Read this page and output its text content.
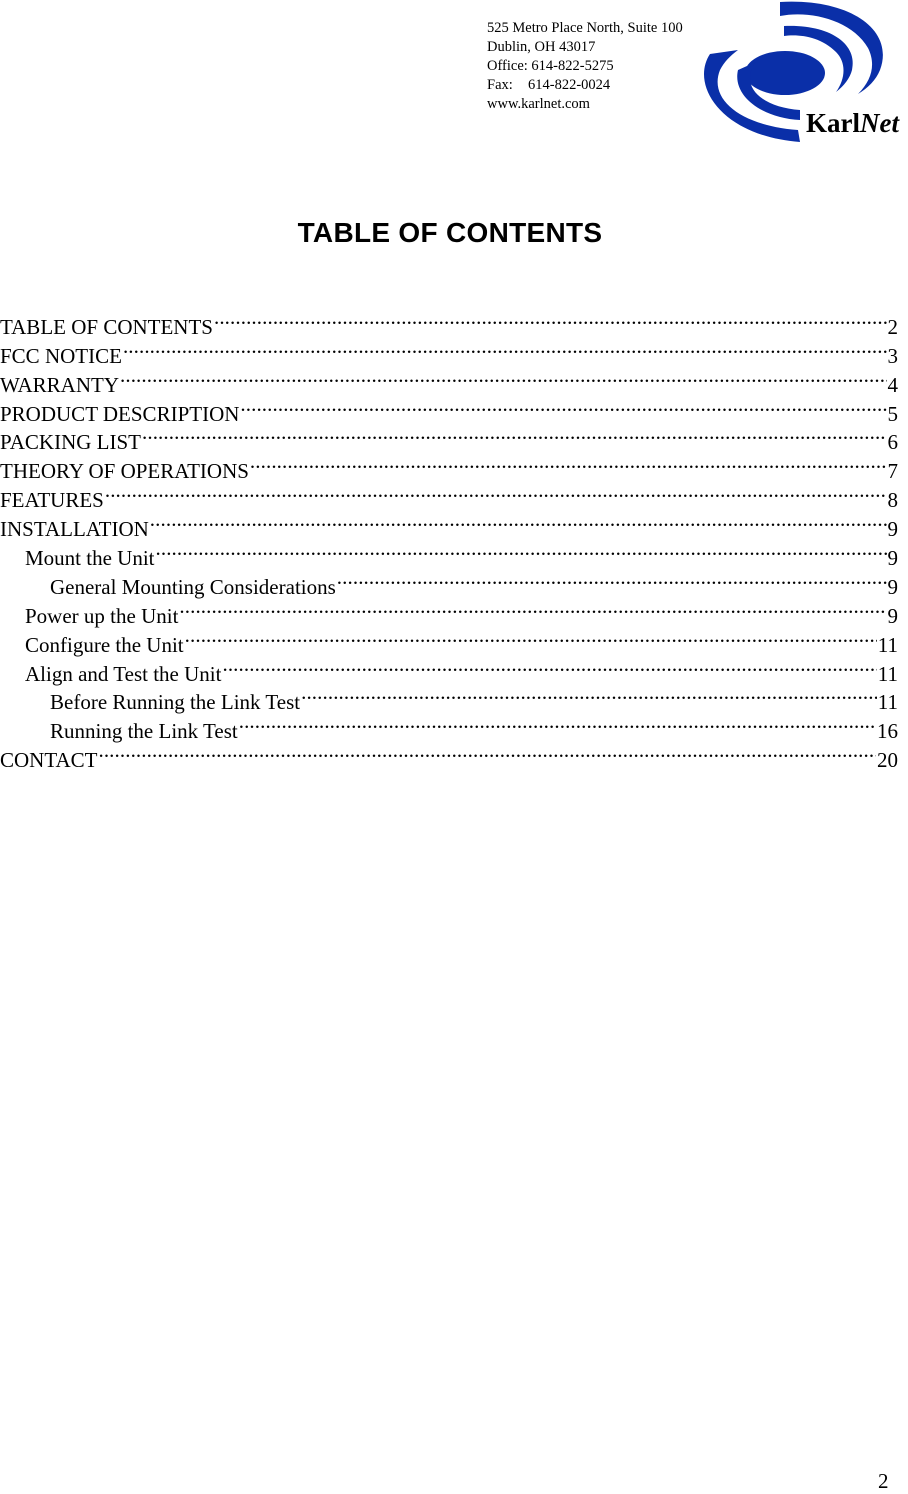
525 Metro Place North, Suite 100
Dublin, OH 43017
Office: 614-822-5275
Fax: 614-822-0024
www.karlnet.com
KarlNet
TABLE OF CONTENTS
TABLE OF CONTENTS .....	2
FCC NOTICE .....	3
WARRANTY .....	4
PRODUCT DESCRIPTION .....	5
PACKING LIST .....	6
THEORY OF OPERATIONS .....	7
FEATURES .....	8
INSTALLATION .....	9
Mount the Unit .....	9
General Mounting Considerations .....	9
Power up the Unit .....	9
Configure the Unit .....	11
Align and Test the Unit .....	11
Before Running the Link Test .....	11
Running the Link Test .....	16
CONTACT .....	20
2
